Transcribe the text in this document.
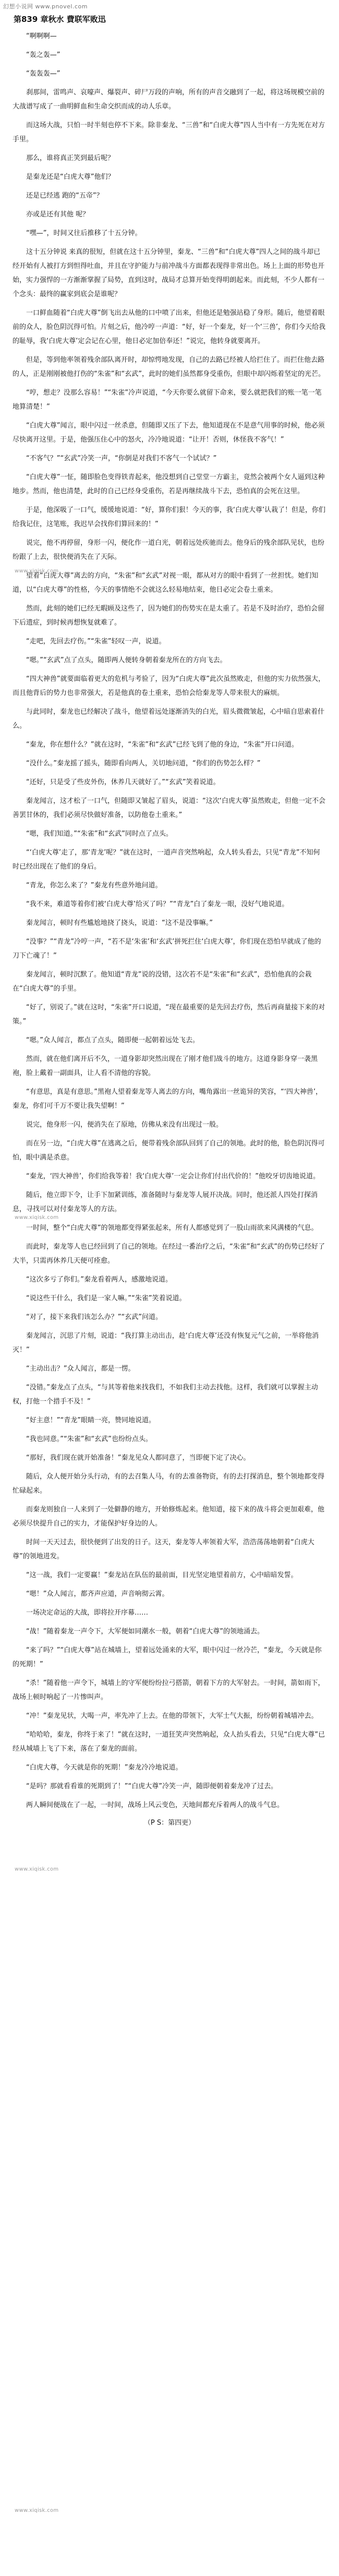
幻想小说网 www.pnovel.com
第839 章秋水 費联军败迅

“啊啊啊—

“轰之轰—”

“轰轰轰—”

刹那间，雷鸣声、哀嚎声、爆裂声、碎尸万段的声响，所有的声音交融到了一起，将这场规模空前的大战谱写成了一曲明鲜血和生命交织而成的动人乐章。

而这场大战，只怕一时半刻也停不下来。除非秦龙、“三兽”和“白虎大尊”四人当中有一方先死在对方手里。

那么，谁将真正笑到最后呢？

是秦龙还是“白虎大尊”他们？

还是已经逃 跑的“五帝”？

亦或是还有其他 呢？

“嘿—”，时间又往后推移了十五分钟。

这十五分钟说 来真的很短，但就在这十五分钟里，秦龙、“三兽”和“白虎大尊”四人之间的战斗却已经开始有人被打方到怛得吐血，并且在守护能力与前冲战斗方面都表现得非常出色。场上上面的形势也开始，实力强悍的一方渐渐掌握了局势，直到这时，战局才总算开始变得明朗起来。而此刻，不少人都有一个念头：最终的赢家到底会是谁呢？

一口鲜血随着“白虎大尊”倒飞出去从他的口中喷了出来，但他还是勉强站稳了身形。随后，他望着眼前的众人，脸色阴沉得可怕。片刻之后，他冷哼一声道：“好，好一个秦龙，好一个‘三兽’，你们今天给我的耻辱，我‘白虎大尊’定会记在心里，他日必定加倍奉还！”说完，他转身就要离开。

但是，等到他率领着残余部队离开时，却惊愕地发现，自己的去路已经被人给拦住了。而拦住他去路的人，正是刚刚被他打伤的“朱雀”和“玄武”，此时的她们虽然都身受重伤，但眼中却闪烁着坚定的光芒。

“哼，想走？没那么容易！”“朱雀”冷声说道，“今天你要么就留下命来，要么就把我们的账一笔一笔地算清楚！”

“白虎大尊”闻言，眼中闪过一丝杀意，但随即又压了下去，他知道现在不是意气用事的时候，他必须尽快离开这里。于是，他强压住心中的怒火，冷冷地说道：“让开！否则，休怪我不客气！”

“不客气？”“玄武”冷笑一声，“你倒是对我们不客气一个试试？”

“白虎大尊”一怔，随即脸色变得铁青起来，他没想到自己堂堂一方霸主，竟然会被两个女人逼到这种地步。然而，他也清楚，此时的自己已经身受重伤，若是再继续战斗下去，恐怕真的会死在这里。

于是，他深吸了一口气，缓缓地说道：“好，算你们狠！今天的事，我‘白虎大尊’认栽了！但是，你们给我记住，这笔账，我迟早会找你们算回来的！”

说完，他不再停留，身形一闪，便化作一道白光，朝着远处疾驰而去。他身后的残余部队见状，也纷纷跟了上去，很快便消失在了天际。

望着“白虎大尊”离去的方向，“朱雀”和“玄武”对视一眼，都从对方的眼中看到了一丝担忧。她们知道，以“白虎大尊”的性格，今天的事情绝不会就这么轻易地结束，他日必定会卷土重来。

然而，此刻的她们已经无暇顾及这些了，因为她们的伤势实在是太重了。若是不及时治疗，恐怕会留下后遗症，到时候再想恢复就难了。

“走吧，先回去疗伤。”“朱雀”轻叹一声，说道。

“嗯。”“玄武”点了点头，随即两人便转身朝着秦龙所在的方向飞去。

“四大神兽”就要面临着更大的危机与考验了，因为“白虎大尊”此次虽然败走，但他的实力依然强大，而且他背后的势力也非常强大，若是他真的卷土重来，恐怕会给秦龙等人带来很大的麻烦。

与此同时，秦龙也已经解决了战斗，他望着远处逐渐消失的白光，眉头微微皱起，心中暗自思索着什么。

“秦龙，你在想什么？”就在这时，“朱雀”和“玄武”已经飞到了他的身边，“朱雀”开口问道。

“没什么。”秦龙摇了摇头，随即看向两人，关切地问道，“你们的伤势怎么样？”

“还好，只是受了些皮外伤，休养几天就好了。”“玄武”笑着说道。

秦龙闻言，这才松了一口气，但随即又皱起了眉头，说道：“这次‘白虎大尊’虽然败走，但他一定不会善罢甘休的，我们必须尽快做好准备，以防他卷土重来。”

“嗯，我们知道。”“朱雀”和“玄武”同时点了点头。

“‘白虎大尊’走了，那‘青龙’呢？”就在这时，一道声音突然响起，众人转头看去，只见“青龙”不知何时已经出现在了他们的身后。

“青龙，你怎么来了？”秦龙有些意外地问道。

“我不来，难道等着你们被‘白虎大尊’给灭了吗？”“青龙”白了秦龙一眼，没好气地说道。

秦龙闻言，顿时有些尴尬地挠了挠头，说道：“这不是没事嘛。”

“没事？”“青龙”冷哼一声，“若不是‘朱雀’和‘玄武’拼死拦住‘白虎大尊’，你们现在恐怕早就成了他的刀下亡魂了！”

秦龙闻言，顿时沉默了。他知道“青龙”说的没错，这次若不是“朱雀”和“玄武”，恐怕他真的会栽在“白虎大尊”的手里。

“好了，别说了。”就在这时，“朱雀”开口说道，“现在最重要的是先回去疗伤，然后再商量接下来的对策。”

“嗯。”众人闻言，都点了点头，随即便一起朝着远处飞去。

然而，就在他们离开后不久，一道身影却突然出现在了刚才他们战斗的地方。这道身影身穿一袭黑袍，脸上戴着一副面具，让人看不清他的容貌。

“有意思，真是有意思。”黑袍人望着秦龙等人离去的方向，嘴角露出一丝诡异的笑容，“‘四大神兽’，秦龙，你们可千万不要让我失望啊！”

说完，他身形一闪，便消失在了原地，仿佛从来没有出现过一般。

而在另一边，“白虎大尊”在逃离之后，便带着残余部队回到了自己的领地。此时的他，脸色阴沉得可怕，眼中满是杀意。

“秦龙，‘四大神兽’，你们给我等着！我‘白虎大尊’一定会让你们付出代价的！”他咬牙切齿地说道。

随后，他立即下令，让手下加紧训练，准备随时与秦龙等人展开决战。同时，他还派人四处打探消息，寻找可以对付秦龙等人的方法。

一时间，整个“白虎大尊”的领地都变得紧张起来，所有人都感觉到了一股山雨欲来风满楼的气息。

而此时，秦龙等人也已经回到了自己的领地。在经过一番治疗之后，“朱雀”和“玄武”的伤势已经好了大半，只需再休养几天便可痊愈。

“这次多亏了你们。”秦龙看着两人，感激地说道。

“说这些干什么，我们是一家人嘛。”“朱雀”笑着说道。

“对了，接下来我们该怎么办？”“玄武”问道。

秦龙闻言，沉思了片刻，说道：“我打算主动出击，趁‘白虎大尊’还没有恢复元气之前，一举将他消灭！”

“主动出击？”众人闻言，都是一愣。

“没错。”秦龙点了点头，“与其等着他来找我们，不如我们主动去找他。这样，我们就可以掌握主动权，打他一个措手不及！”

“好主意！”“青龙”眼睛一亮，赞同地说道。

“我也同意。”“朱雀”和“玄武”也纷纷点头。

“那好，我们现在就开始准备！”秦龙见众人都同意了，当即便下定了决心。

随后，众人便开始分头行动，有的去召集人马，有的去准备物资，有的去打探消息，整个领地都变得忙碌起来。

而秦龙则独自一人来到了一处僻静的地方，开始修炼起来。他知道，接下来的战斗将会更加艰难，他必须尽快提升自己的实力，才能保护好身边的人。

时间一天天过去，很快便到了出发的日子。这天，秦龙等人率领着大军，浩浩荡荡地朝着“白虎大尊”的领地进发。

“这一战，我们一定要赢！”秦龙站在队伍的最前面，目光坚定地望着前方，心中暗暗发誓。

“嗯！”众人闻言，都齐声应道，声音响彻云霄。

一场决定命运的大战，即将拉开序幕……

“战！”随着秦龙一声令下，大军便如同潮水一般，朝着“白虎大尊”的领地涌去。

“来了吗？”“白虎大尊”站在城墙上，望着远处涌来的大军，眼中闪过一丝冷芒，“秦龙，今天就是你的死期！”

“杀！”随着他一声令下，城墙上的守军便纷纷拉弓搭箭，朝着下方的大军射去。一时间，箭如雨下，战场上顿时响起了一片惨叫声。

“冲！”秦龙见状，大喝一声，率先冲了上去。在他的带领下，大军士气大振，纷纷朝着城墙冲去。

“哈哈哈，秦龙，你终于来了！”就在这时，一道狂笑声突然响起，众人抬头看去，只见“白虎大尊”已经从城墙上飞了下来，落在了秦龙的面前。

“白虎大尊，今天就是你的死期！”秦龙冷冷地说道。

“是吗？那就看看谁的死期到了！”“白虎大尊”冷笑一声，随即便朝着秦龙冲了过去。

两人瞬间便战在了一起，一时间，战场上风云变色，天地间都充斥着两人的战斗气息。

（P S：第四更）
www.xiqisk.com
www.xiqisk.com
www.xiqisk.com
www.xiqisk.com
